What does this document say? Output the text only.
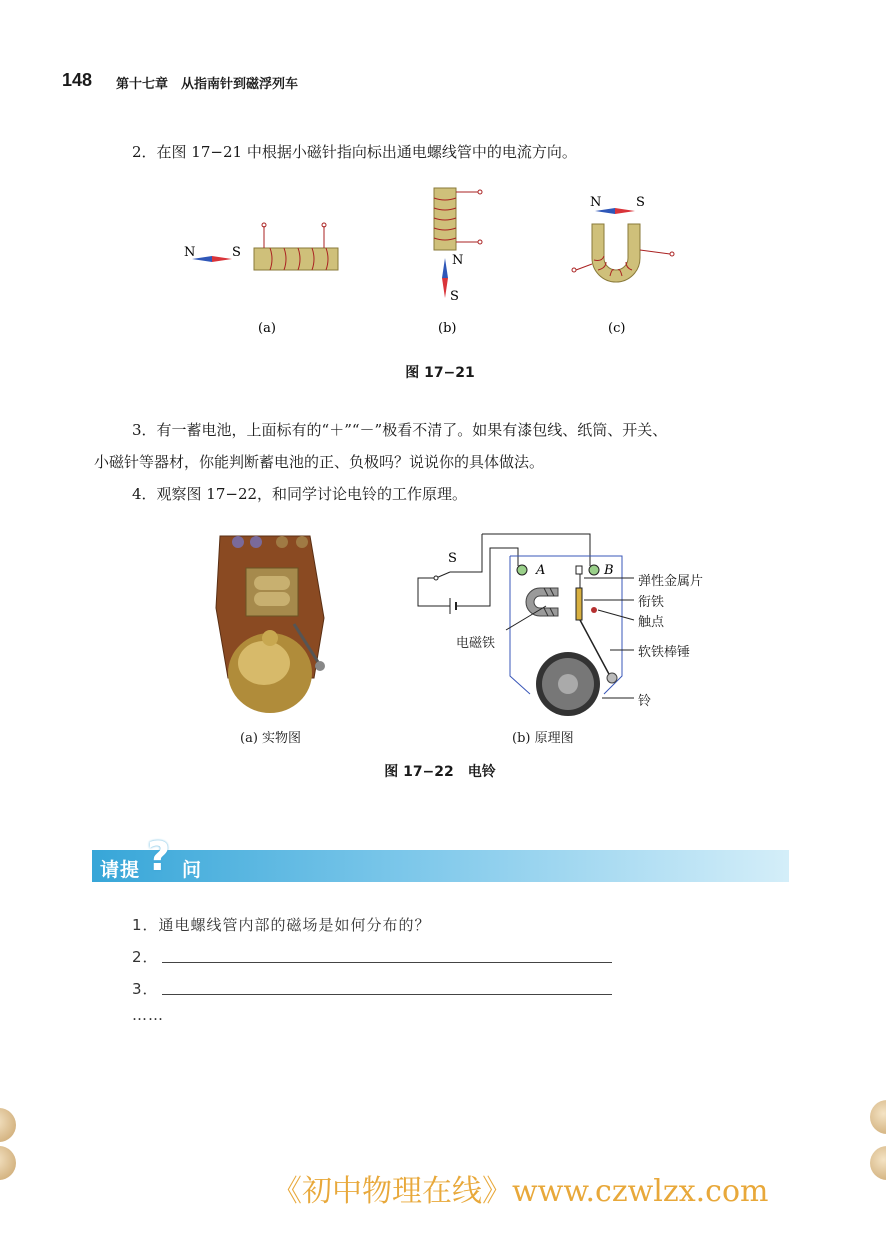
148 第十七章　从指南针到磁浮列车
2．在图 17−21 中根据小磁针指向标出通电螺线管中的电流方向。
N	S
N
S
N	S
(a)	(b)	(c)
图 17−21
3．有一蓄电池，上面标有的“＋”“－”极看不清了。如果有漆包线、纸筒、开关、
小磁针等器材，你能判断蓄电池的正、负极吗？说说你的具体做法。
4．观察图 17−22，和同学讨论电铃的工作原理。
(a) 实物图
A	B
S
弹性金属片
衔铁
触点
电磁铁
软铁棒锤
铃
(b) 原理图
图 17−22　电铃
请提 ? 问
1．通电螺线管内部的磁场是如何分布的？
2．
3．
……
《初中物理在线》www.czwlzx.com
